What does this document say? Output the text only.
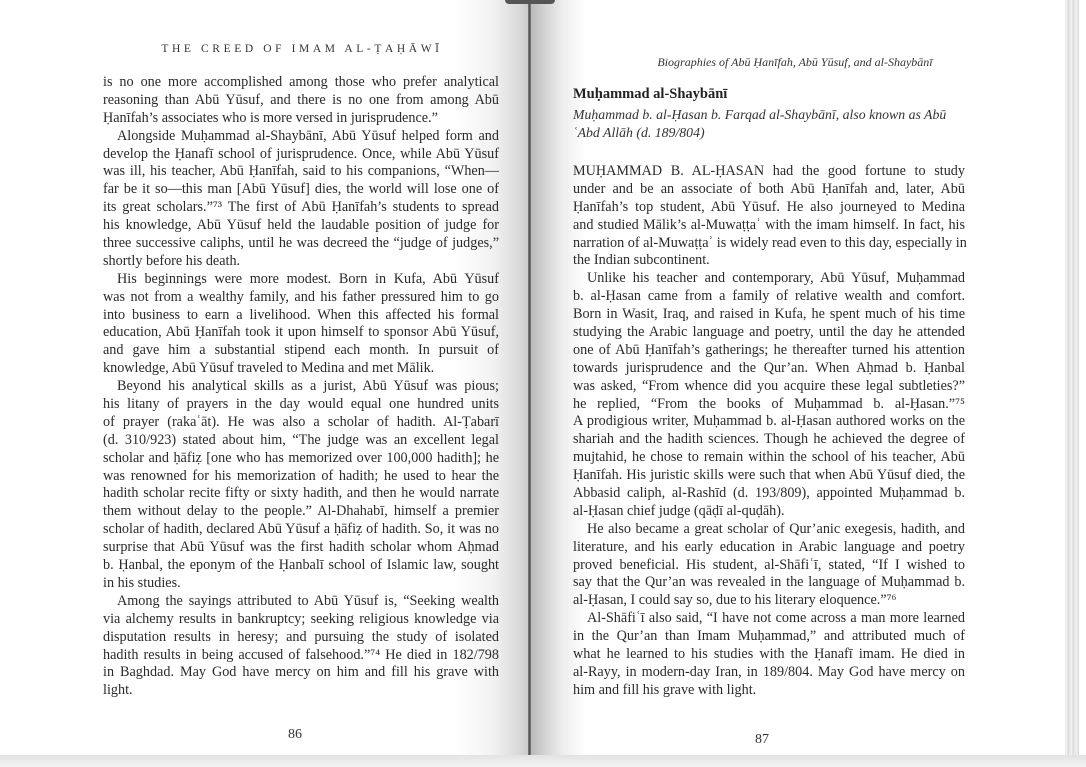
THE CREED OF IMAM AL-ṬAḤĀWĪ
is no one more accomplished among those who prefer analytical
reasoning than Abū Yūsuf, and there is no one from among Abū
Ḥanīfah’s associates who is more versed in jurisprudence.”
Alongside Muḥammad al-Shaybānī, Abū Yūsuf helped form and
develop the Ḥanafī school of jurisprudence. Once, while Abū Yūsuf
was ill, his teacher, Abū Ḥanīfah, said to his companions, “When—
far be it so—this man [Abū Yūsuf] dies, the world will lose one of
its great scholars.”⁷³ The first of Abū Ḥanīfah’s students to spread
his knowledge, Abū Yūsuf held the laudable position of judge for
three successive caliphs, until he was decreed the “judge of judges,”
shortly before his death.
His beginnings were more modest. Born in Kufa, Abū Yūsuf
was not from a wealthy family, and his father pressured him to go
into business to earn a livelihood. When this affected his formal
education, Abū Ḥanīfah took it upon himself to sponsor Abū Yūsuf,
and gave him a substantial stipend each month. In pursuit of
knowledge, Abū Yūsuf traveled to Medina and met Mālik.
Beyond his analytical skills as a jurist, Abū Yūsuf was pious;
his litany of prayers in the day would equal one hundred units
of prayer (rakaʿāt). He was also a scholar of hadith. Al-Ṭabarī
(d. 310/923) stated about him, “The judge was an excellent legal
scholar and ḥāfiẓ [one who has memorized over 100,000 hadith]; he
was renowned for his memorization of hadith; he used to hear the
hadith scholar recite fifty or sixty hadith, and then he would narrate
them without delay to the people.” Al-Dhahabī, himself a premier
scholar of hadith, declared Abū Yūsuf a ḥāfiẓ of hadith. So, it was no
surprise that Abū Yūsuf was the first hadith scholar whom Aḥmad
b. Ḥanbal, the eponym of the Ḥanbalī school of Islamic law, sought
in his studies.
Among the sayings attributed to Abū Yūsuf is, “Seeking wealth
via alchemy results in bankruptcy; seeking religious knowledge via
disputation results in heresy; and pursuing the study of isolated
hadith results in being accused of falsehood.”⁷⁴ He died in 182/798
in Baghdad. May God have mercy on him and fill his grave with
light.
86
Biographies of Abū Ḥanīfah, Abū Yūsuf, and al-Shaybānī
Muḥammad al-Shaybānī
Muḥammad b. al-Ḥasan b. Farqad al-Shaybānī, also known as Abū ʿAbd Allāh (d. 189/804)
MUḤAMMAD B. AL-ḤASAN had the good fortune to study
under and be an associate of both Abū Ḥanīfah and, later, Abū
Ḥanīfah’s top student, Abū Yūsuf. He also journeyed to Medina
and studied Mālik’s al-Muwaṭṭaʾ with the imam himself. In fact, his
narration of al-Muwaṭṭaʾ is widely read even to this day, especially in
the Indian subcontinent.
Unlike his teacher and contemporary, Abū Yūsuf, Muḥammad
b. al-Ḥasan came from a family of relative wealth and comfort.
Born in Wasit, Iraq, and raised in Kufa, he spent much of his time
studying the Arabic language and poetry, until the day he attended
one of Abū Ḥanīfah’s gatherings; he thereafter turned his attention
towards jurisprudence and the Qur’an. When Aḥmad b. Ḥanbal
was asked, “From whence did you acquire these legal subtleties?”
he replied, “From the books of Muḥammad b. al-Ḥasan.”⁷⁵
A prodigious writer, Muḥammad b. al-Ḥasan authored works on the
shariah and the hadith sciences. Though he achieved the degree of
mujtahid, he chose to remain within the school of his teacher, Abū
Ḥanīfah. His juristic skills were such that when Abū Yūsuf died, the
Abbasid caliph, al-Rashīd (d. 193/809), appointed Muḥammad b.
al-Ḥasan chief judge (qāḍī al-quḍāh).
He also became a great scholar of Qur’anic exegesis, hadith, and
literature, and his early education in Arabic language and poetry
proved beneficial. His student, al-Shāfiʿī, stated, “If I wished to
say that the Qur’an was revealed in the language of Muḥammad b.
al-Ḥasan, I could say so, due to his literary eloquence.”⁷⁶
Al-Shāfiʿī also said, “I have not come across a man more learned
in the Qur’an than Imam Muḥammad,” and attributed much of
what he learned to his studies with the Ḥanafī imam. He died in
al-Rayy, in modern-day Iran, in 189/804. May God have mercy on
him and fill his grave with light.
87
